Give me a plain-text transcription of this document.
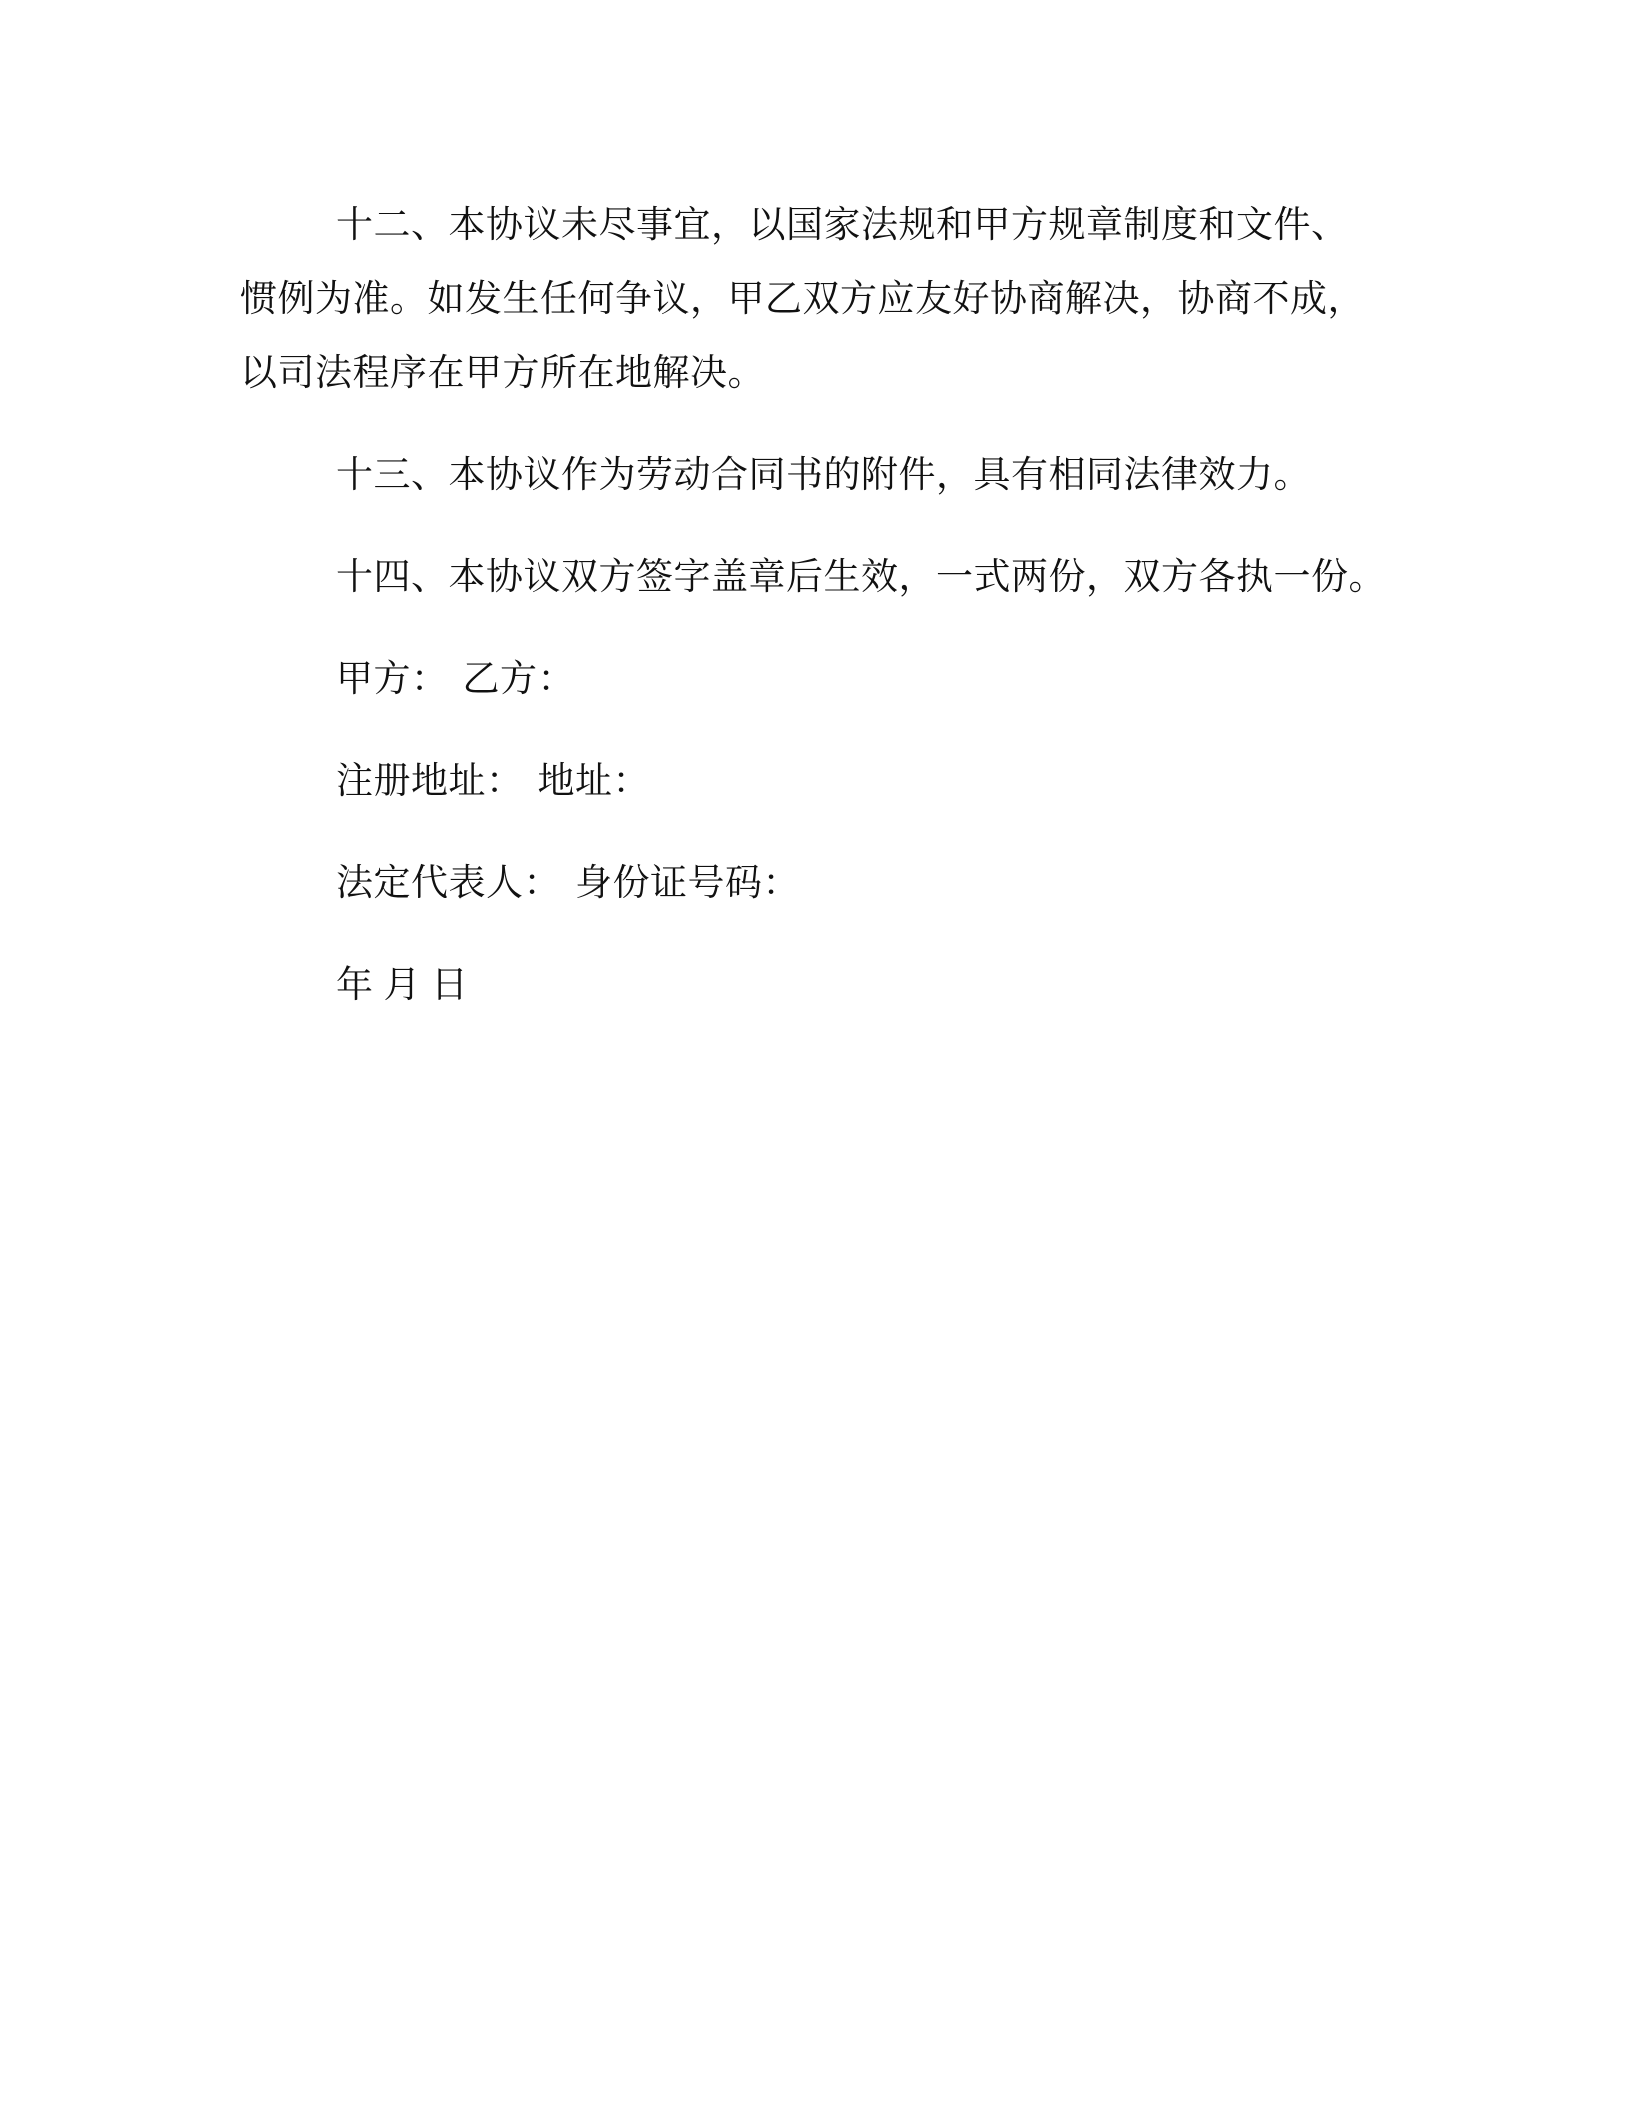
十二、本协议未尽事宜，以国家法规和甲方规章制度和文件、惯例为准。如发生任何争议，甲乙双方应友好协商解决，协商不成，以司法程序在甲方所在地解决。

十三、本协议作为劳动合同书的附件，具有相同法律效力。

十四、本协议双方签字盖章后生效，一式两份，双方各执一份。

甲方： 乙方：

注册地址： 地址：

法定代表人： 身份证号码：

年 月 日
